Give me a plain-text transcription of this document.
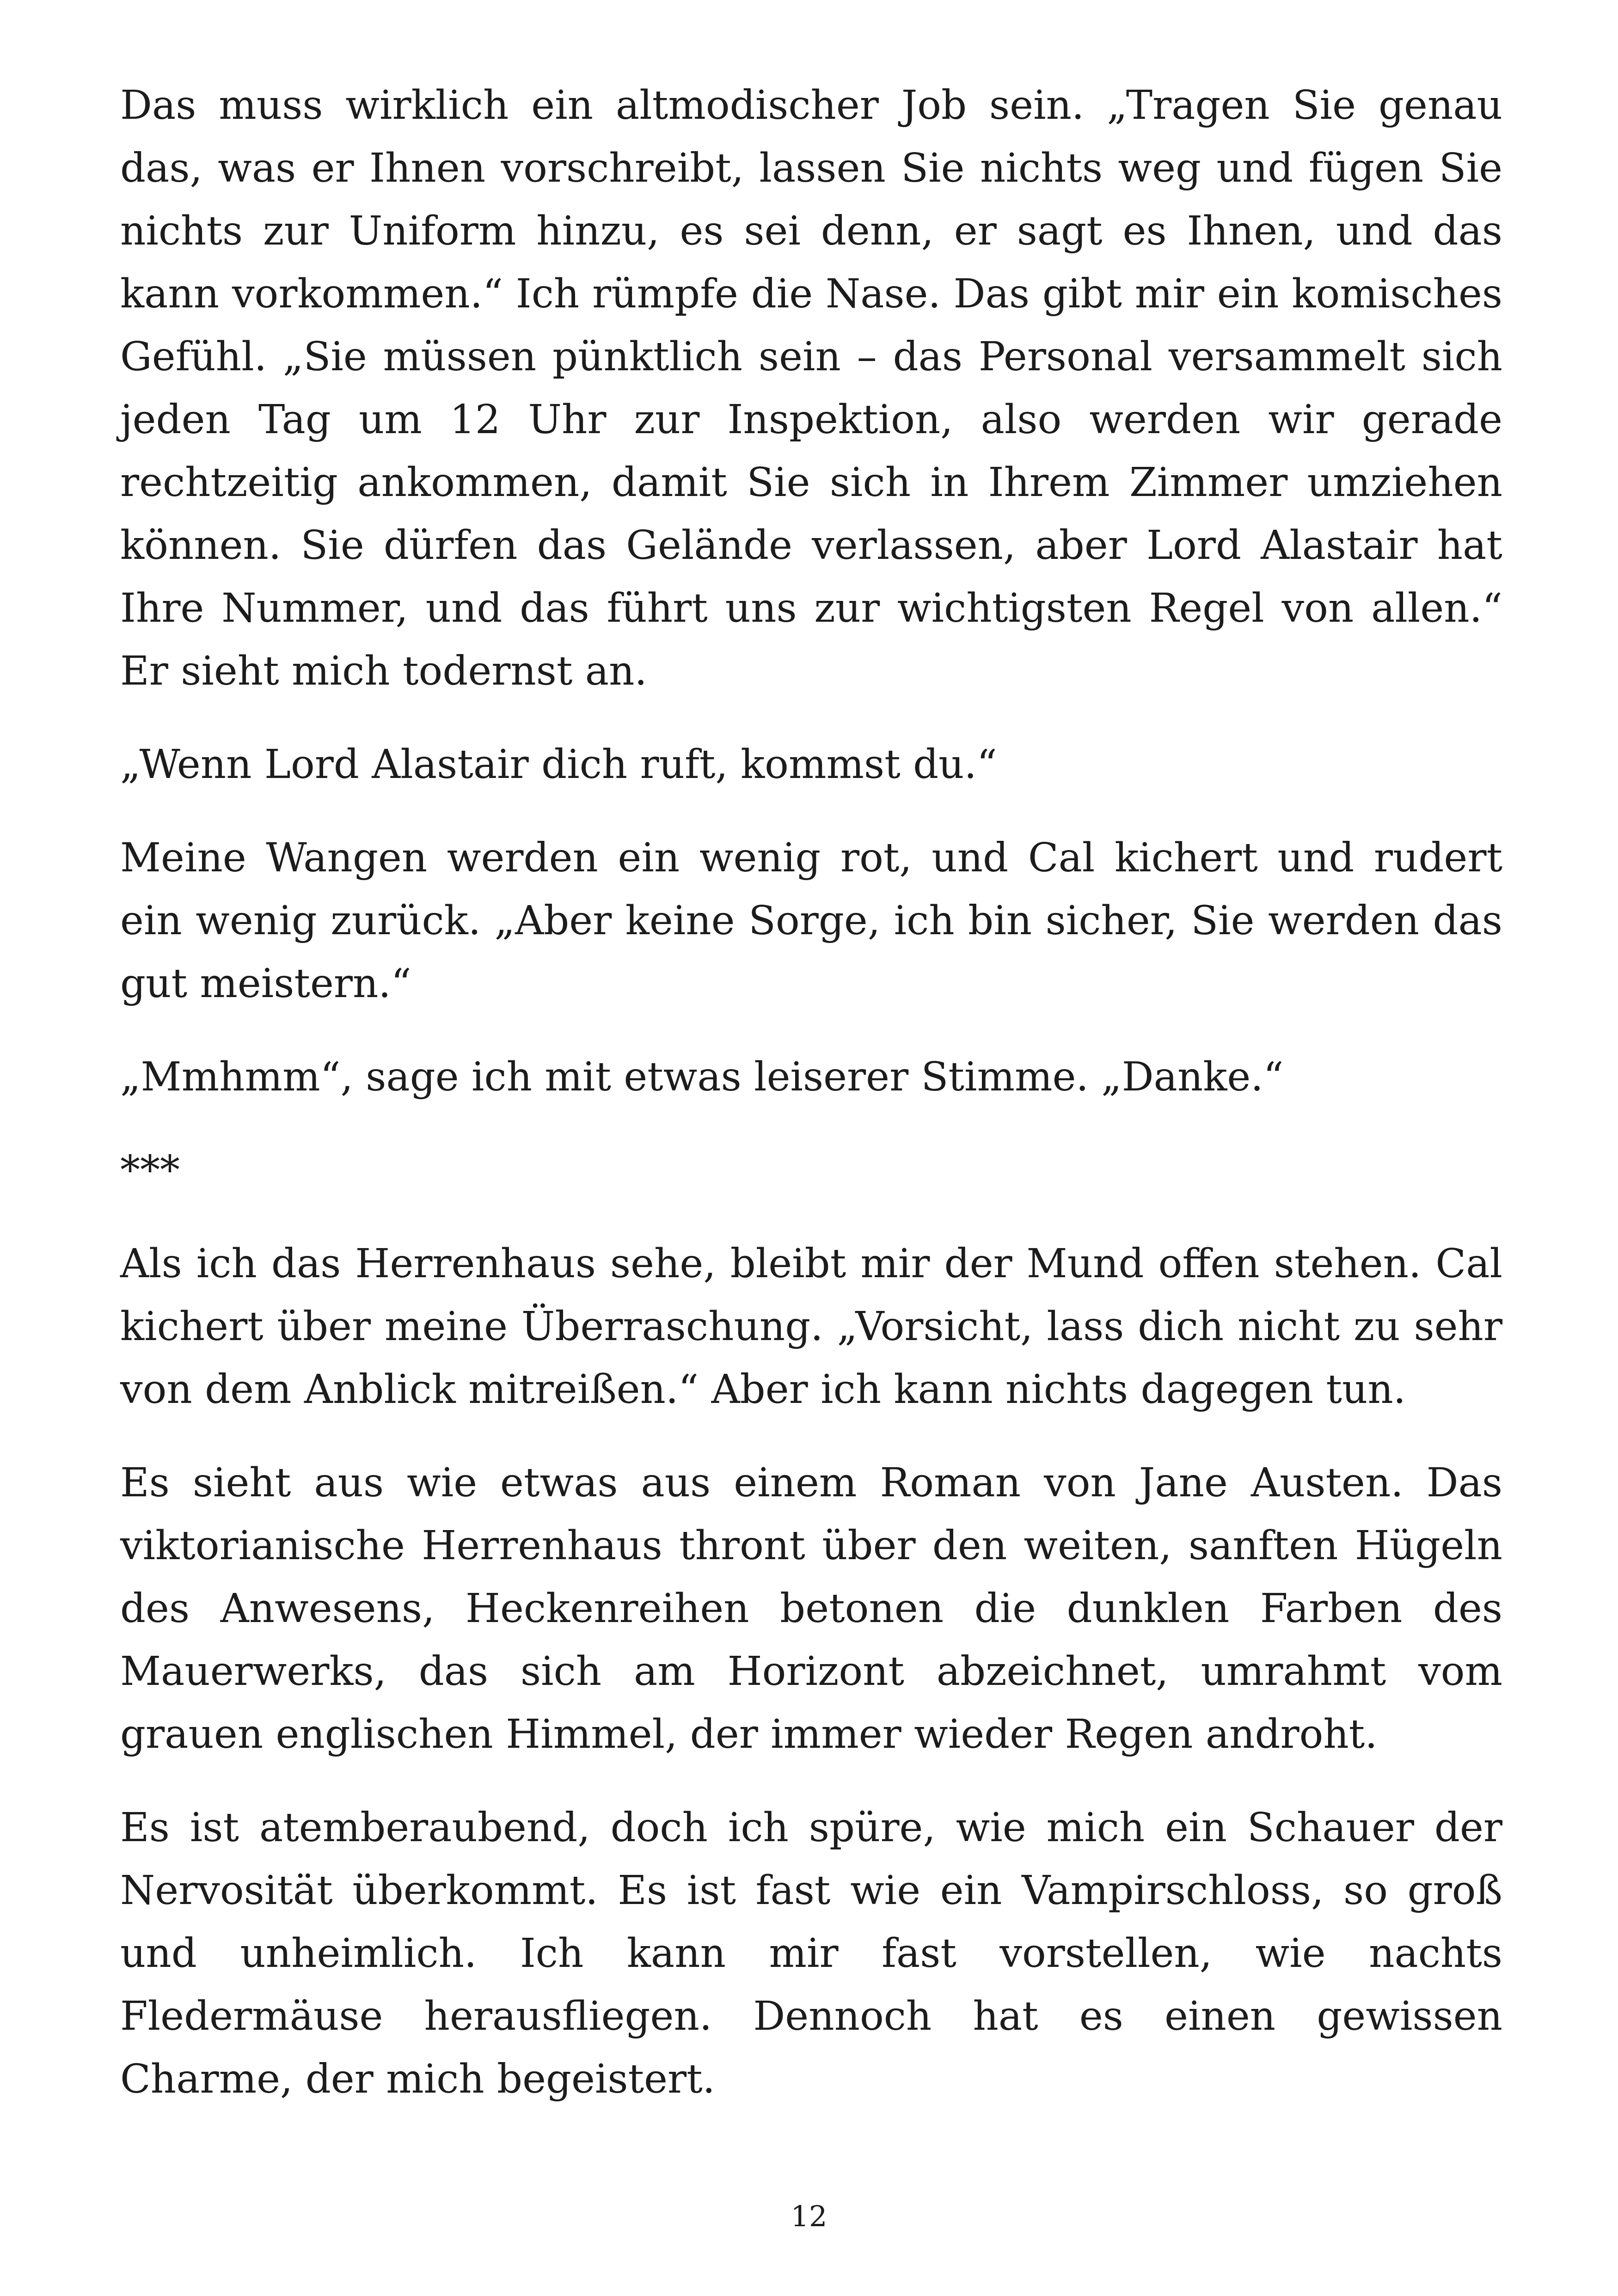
Das muss wirklich ein altmodischer Job sein. „Tragen Sie genau das, was er Ihnen vorschreibt, lassen Sie nichts weg und fügen Sie nichts zur Uniform hinzu, es sei denn, er sagt es Ihnen, und das kann vorkommen.“ Ich rümpfe die Nase. Das gibt mir ein komisches Gefühl. „Sie müssen pünktlich sein – das Personal versammelt sich jeden Tag um 12 Uhr zur Inspektion, also werden wir gerade rechtzeitig ankommen, damit Sie sich in Ihrem Zimmer umziehen können. Sie dürfen das Gelände verlassen, aber Lord Alastair hat Ihre Nummer, und das führt uns zur wichtigsten Regel von allen.“ Er sieht mich todernst an.

„Wenn Lord Alastair dich ruft, kommst du.“

Meine Wangen werden ein wenig rot, und Cal kichert und rudert ein wenig zurück. „Aber keine Sorge, ich bin sicher, Sie werden das gut meistern.“

„Mmhmm“, sage ich mit etwas leiserer Stimme. „Danke.“

***

Als ich das Herrenhaus sehe, bleibt mir der Mund offen stehen. Cal kichert über meine Überraschung. „Vorsicht, lass dich nicht zu sehr von dem Anblick mitreißen.“ Aber ich kann nichts dagegen tun.

Es sieht aus wie etwas aus einem Roman von Jane Austen. Das viktorianische Herrenhaus thront über den weiten, sanften Hügeln des Anwesens, Heckenreihen betonen die dunklen Farben des Mauerwerks, das sich am Horizont abzeichnet, umrahmt vom grauen englischen Himmel, der immer wieder Regen androht.

Es ist atemberaubend, doch ich spüre, wie mich ein Schauer der Nervosität überkommt. Es ist fast wie ein Vampirschloss, so groß und unheimlich. Ich kann mir fast vorstellen, wie nachts Fledermäuse herausfliegen. Dennoch hat es einen gewissen Charme, der mich begeistert.

12
